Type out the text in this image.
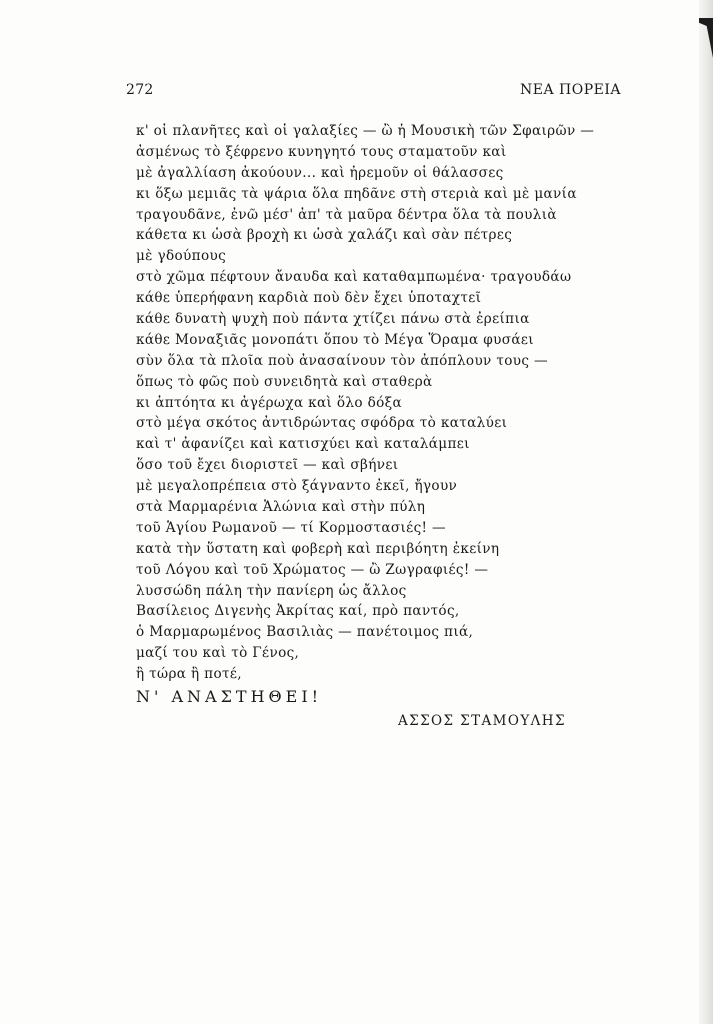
272	ΝΕΑ ΠΟΡΕΙΑ
κ' οἱ πλανῆτες καὶ οἱ γαλαξίες — ὢ ἡ Μουσικὴ τῶν Σφαιρῶν —
ἀσμένως τὸ ξέφρενο κυνηγητό τους σταματοῦν καὶ
μὲ ἀγαλλίαση ἀκούουν... καὶ ἠρεμοῦν οἱ θάλασσες
κι ὅξω μεμιᾶς τὰ ψάρια ὅλα πηδᾶνε στὴ στεριὰ καὶ μὲ μανία
τραγουδᾶνε, ἐνῶ μέσ' ἀπ' τὰ μαῦρα δέντρα ὅλα τὰ πουλιὰ
κάθετα κι ὡσὰ βροχὴ κι ὡσὰ χαλάζι καὶ σὰν πέτρες
μὲ γδούπους
στὸ χῶμα πέφτουν ἄναυδα καὶ καταθαμπωμένα· τραγουδάω
κάθε ὑπερήφανη καρδιὰ ποὺ δὲν ἔχει ὑποταχτεῖ
κάθε δυνατὴ ψυχὴ ποὺ πάντα χτίζει πάνω στὰ ἐρείπια
κάθε Μοναξιᾶς μονοπάτι ὅπου τὸ Μέγα Ὅραμα φυσάει
σὺν ὅλα τὰ πλοῖα ποὺ ἀνασαίνουν τὸν ἀπόπλουν τους —
ὅπως τὸ φῶς ποὺ συνειδητὰ καὶ σταθερὰ
κι ἀπτόητα κι ἀγέρωχα καὶ ὅλο δόξα
στὸ μέγα σκότος ἀντιδρώντας σφόδρα τὸ καταλύει
καὶ τ' ἀφανίζει καὶ κατισχύει καὶ καταλάμπει
ὅσο τοῦ ἔχει διοριστεῖ — καὶ σβήνει
μὲ μεγαλοπρέπεια στὸ ξάγναντο ἐκεῖ, ἤγουν
στὰ Μαρμαρένια Ἁλώνια καὶ στὴν πύλη
τοῦ Ἁγίου Ρωμανοῦ — τί Κορμοστασιές! —
κατὰ τὴν ὕστατη καὶ φοβερὴ καὶ περιβόητη ἐκείνη
τοῦ Λόγου καὶ τοῦ Χρώματος — ὢ Ζωγραφιές! —
λυσσώδη πάλη τὴν πανίερη ὡς ἄλλος
Βασίλειος Διγενὴς Ἀκρίτας καί, πρὸ παντός,
ὁ Μαρμαρωμένος Βασιλιὰς — πανέτοιμος πιά,
μαζί του καὶ τὸ Γένος,
ἢ τώρα ἢ ποτέ,
Ν' ΑΝΑΣΤΗΘΕΙ!
ΑΣΣΟΣ ΣΤΑΜΟΥΛΗΣ
